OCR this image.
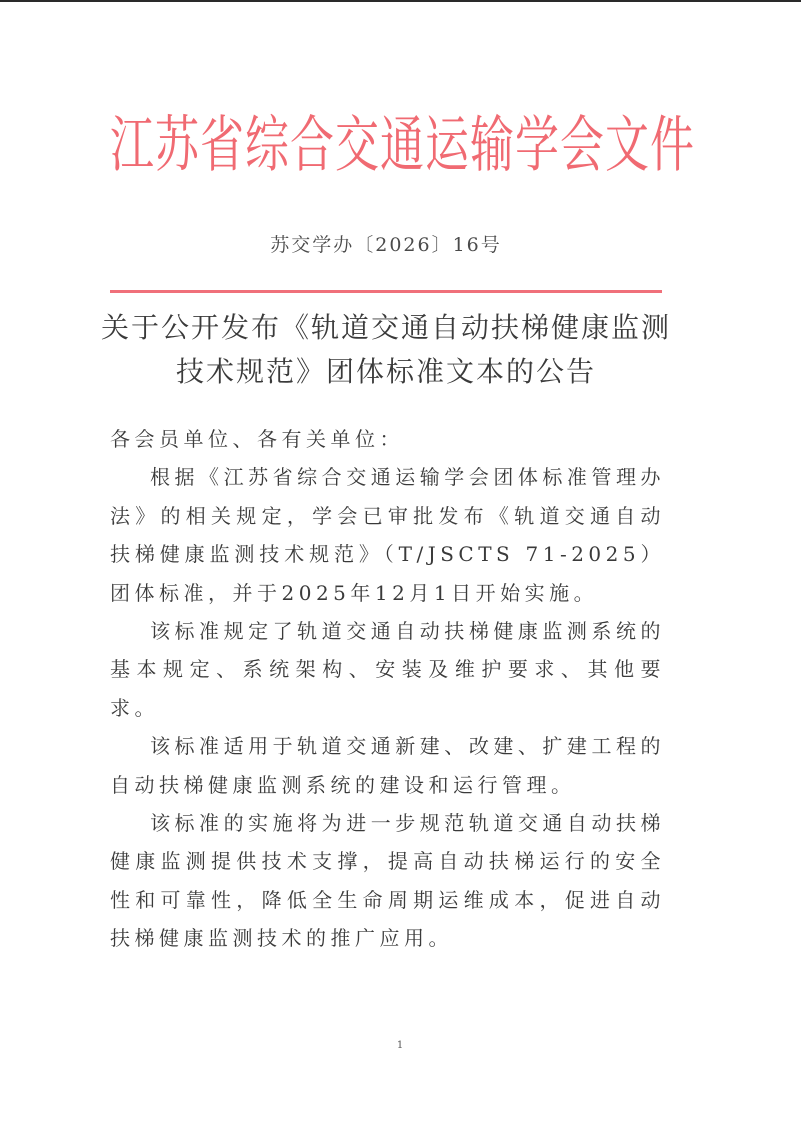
江苏省综合交通运输学会文件
苏交学办〔2026〕16号
关于公开发布《轨道交通自动扶梯健康监测
技术规范》团体标准文本的公告

各会员单位、各有关单位：

根据《江苏省综合交通运输学会团体标准管理办法》的相关规定，学会已审批发布《轨道交通自动扶梯健康监测技术规范》（T/JSCTS 71-2025）团体标准，并于2025年12月1日开始实施。

该标准规定了轨道交通自动扶梯健康监测系统的基本规定、系统架构、安装及维护要求、其他要求。

该标准适用于轨道交通新建、改建、扩建工程的自动扶梯健康监测系统的建设和运行管理。

该标准的实施将为进一步规范轨道交通自动扶梯健康监测提供技术支撑，提高自动扶梯运行的安全性和可靠性，降低全生命周期运维成本，促进自动扶梯健康监测技术的推广应用。

1
